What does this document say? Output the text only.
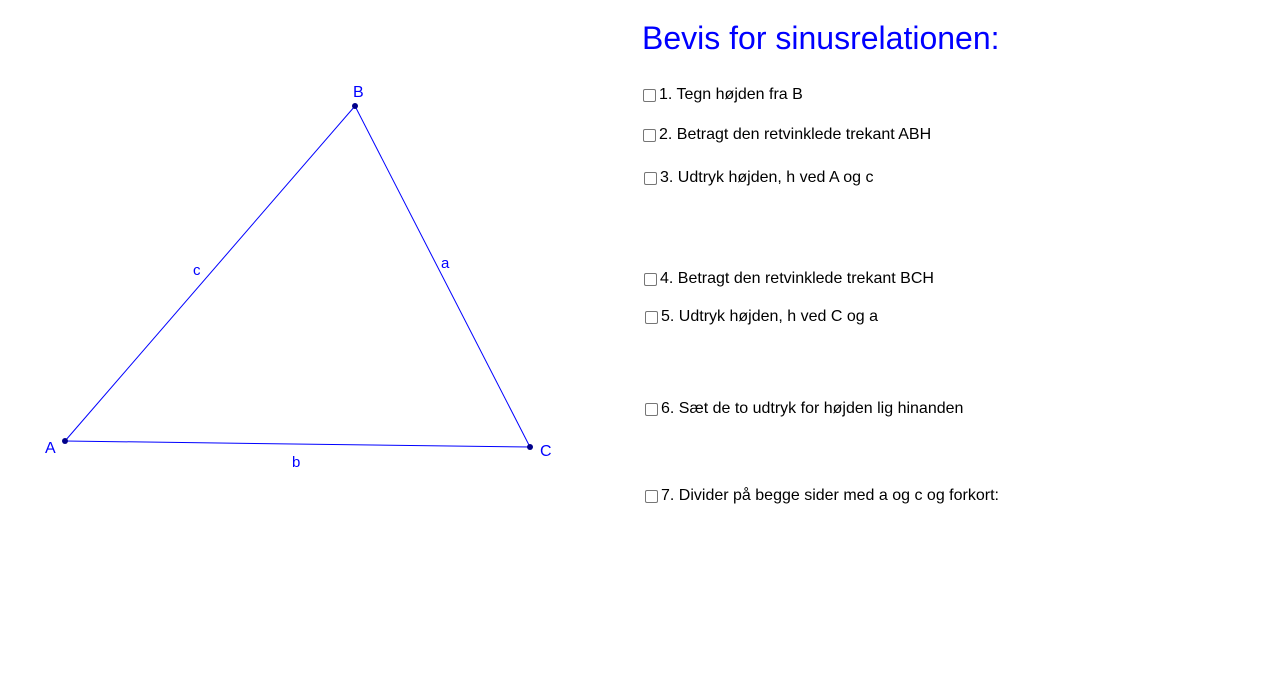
A
B
C
c	a
b
Bevis for sinusrelationen:
1. Tegn højden fra B
2. Betragt den retvinklede trekant ABH
3. Udtryk højden, h ved A og c
4. Betragt den retvinklede trekant BCH
5. Udtryk højden, h ved C og a
6. Sæt de to udtryk for højden lig hinanden
7. Divider på begge sider med a og c og forkort:
